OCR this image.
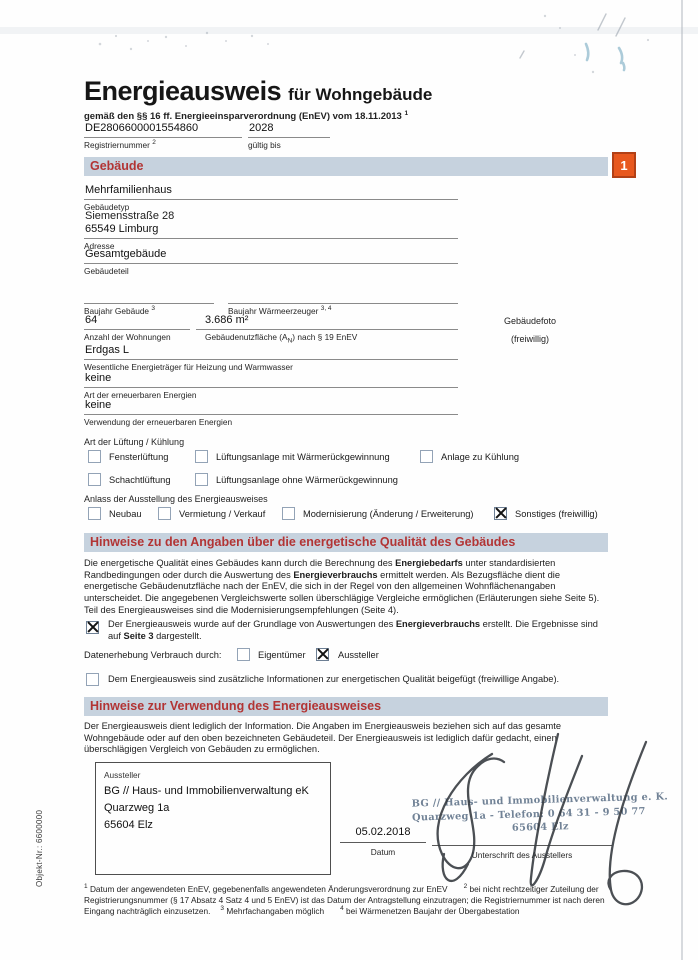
Objekt-Nr.: 6600000
Energieausweis für Wohngebäude
gemäß den §§ 16 ff. Energieeinsparverordnung (EnEV) vom 18.11.2013 $^1$
DE2806600001554860
Registriernummer $^2$
2028
gültig bis
Gebäude	1
Mehrfamilienhaus
Gebäudetyp
Siemensstraße 28
65549 Limburg
Adresse
Gesamtgebäude
Gebäudeteil
Baujahr Gebäude $^3$	Baujahr Wärmeerzeuger $^{3, 4}$
64
Anzahl der Wohnungen
3.686 m²
Gebäudenutzfläche $(A_N)$ nach § 19 EnEV
Gebäudefoto
(freiwillig)
Erdgas L
Wesentliche Energieträger für Heizung und Warmwasser
keine
Art der erneuerbaren Energien
keine
Verwendung der erneuerbaren Energien
Art der Lüftung / Kühlung
Fensterlüftung	Lüftungsanlage mit Wärmerückgewinnung	Anlage zu Kühlung
Schachtlüftung	Lüftungsanlage ohne Wärmerückgewinnung
Anlass der Ausstellung des Energieausweises
Neubau	Vermietung / Verkauf	Modernisierung (Änderung / Erweiterung)	Sonstiges (freiwillig)
Hinweise zu den Angaben über die energetische Qualität des Gebäudes
Die energetische Qualität eines Gebäudes kann durch die Berechnung des Energiebedarfs unter standardisierten Randbedingungen oder durch die Auswertung des Energieverbrauchs ermittelt werden. Als Bezugsfläche dient die energetische Gebäudenutzfläche nach der EnEV, die sich in der Regel von den allgemeinen Wohnflächenangaben unterscheidet. Die angegebenen Vergleichswerte sollen überschlägige Vergleiche ermöglichen (Erläuterungen siehe Seite 5). Teil des Energieausweises sind die Modernisierungsempfehlungen (Seite 4).
Der Energieausweis wurde auf der Grundlage von Auswertungen des Energieverbrauchs erstellt. Die Ergebnisse sind auf Seite 3 dargestellt.
Datenerhebung Verbrauch durch:	Eigentümer	Aussteller
Dem Energieausweis sind zusätzliche Informationen zur energetischen Qualität beigefügt (freiwillige Angabe).
Hinweise zur Verwendung des Energieausweises
Der Energieausweis dient lediglich der Information. Die Angaben im Energieausweis beziehen sich auf das gesamte Wohngebäude oder auf den oben bezeichneten Gebäudeteil. Der Energieausweis ist lediglich dafür gedacht, einen überschlägigen Vergleich von Gebäuden zu ermöglichen.
Aussteller
BG // Haus- und Immobilienverwaltung eK
Quarzweg 1a
65604 Elz
05.02.2018
Datum	Unterschrift des Ausstellers
BG // Haus- und Immobilienverwaltung e. K.
Quarzweg 1a - Telefon: 0 64 31 - 9 50 77
65604 Elz
$^1$ Datum der angewendeten EnEV, gegebenenfalls angewendeten Änderungsverordnung zur EnEV $^2$ bei nicht rechtzeitiger Zuteilung der Registrierungsnummer (§ 17 Absatz 4 Satz 4 und 5 EnEV) ist das Datum der Antragstellung einzutragen; die Registriernummer ist nach deren Eingang nachträglich einzusetzen. $^3$ Mehrfachangaben möglich $^4$ bei Wärmenetzen Baujahr der Übergabestation
